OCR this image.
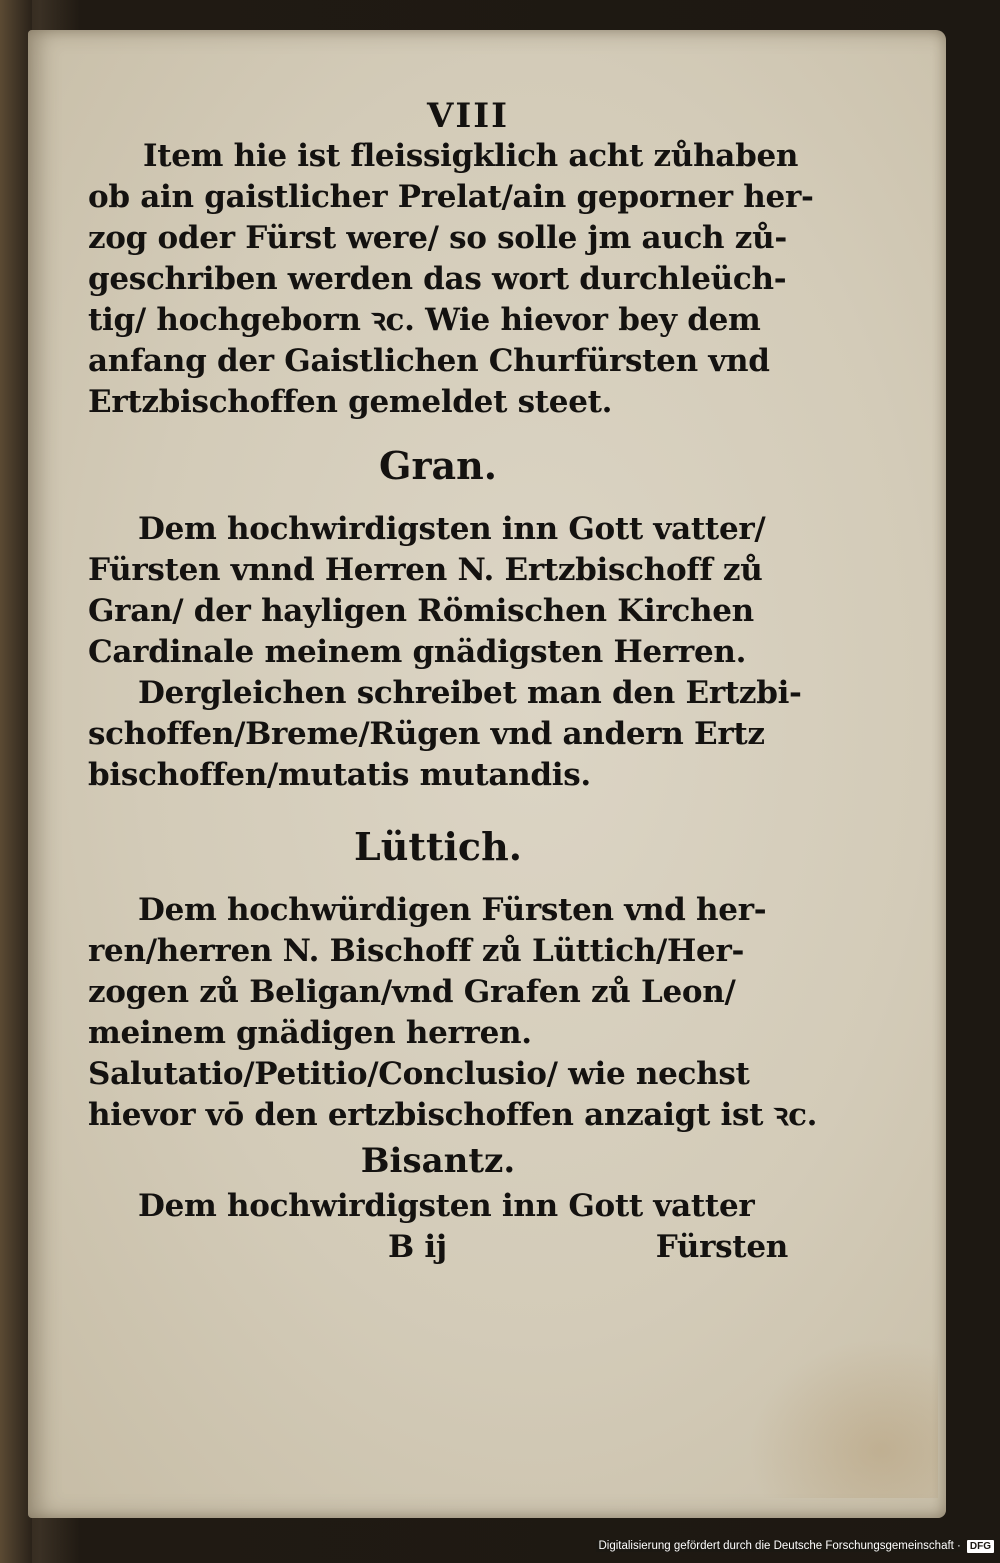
VIII
Item hie ist fleissigklich acht zůhaben
ob ain gaistlicher Prelat/ain geporner her-
zog oder Fürst were/ so solle jm auch zů-
geschriben werden das wort durchleüch-
tig/ hochgeborn ꝛc. Wie hievor bey dem
anfang der Gaistlichen Churfürsten vnd
Ertzbischoffen gemeldet steet.
Gran.
Dem hochwirdigsten inn Gott vatter/
Fürsten vnnd Herren N. Ertzbischoff zů
Gran/ der hayligen Römischen Kirchen
Cardinale meinem gnädigsten Herren.
Dergleichen schreibet man den Ertzbi-
schoffen/Breme/Rügen vnd andern Ertz
bischoffen/mutatis mutandis.
Lüttich.
Dem hochwürdigen Fürsten vnd her-
ren/herren N. Bischoff zů Lüttich/Her-
zogen zů Beligan/vnd Grafen zů Leon/
meinem gnädigen herren.
Salutatio/Petitio/Conclusio/ wie nechst
hievor vō den ertzbischoffen anzaigt ist ꝛc.
Bisantz.
Dem hochwirdigsten inn Gott vatter
B ij	Fürsten
Digitalisierung gefördert durch die Deutsche Forschungsgemeinschaft · DFG
